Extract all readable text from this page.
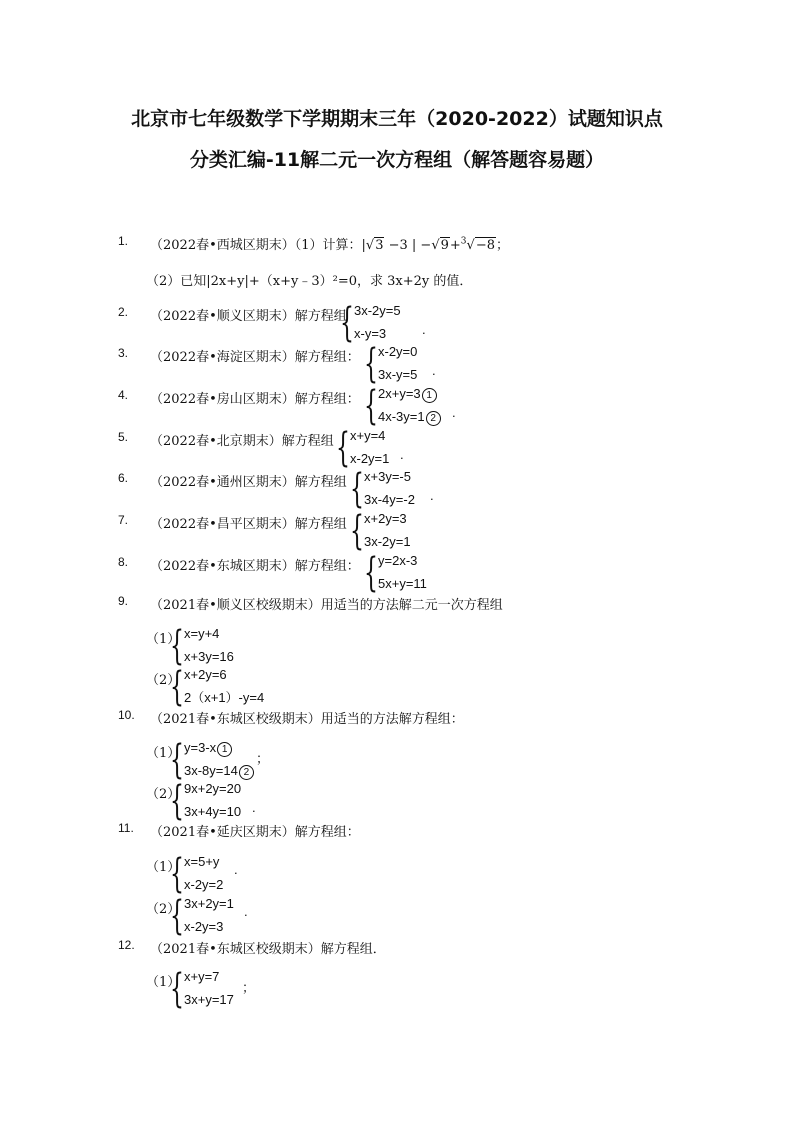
北京市七年级数学下学期期末三年（2020-2022）试题知识点
分类汇编-11解二元一次方程组（解答题容易题）
1. （2022春•西城区期末）（1）计算：|√3 −3 | −√9+$^3$√−8；
（2）已知|2x+y|+（x+y﹣3）²=0，求 3x+2y 的值．
2. （2022春•顺义区期末）解方程组
{ 3x-2y=5
x-y=3	.
3. （2022春•海淀区期末）解方程组： { x-2y=0
3x-y=5 .
4. （2022春•房山区期末）解方程组： { 2x+y=3 1
4x-3y=1 2	.
5. （2022春•北京期末）解方程组 { x+y=4
x-2y=1 .
6. （2022春•通州区期末）解方程组 { x+3y=-5
3x-4y=-2 .
7. （2022春•昌平区期末）解方程组 { x+2y=3
3x-2y=1
8. （2022春•东城区期末）解方程组： { y=2x-3
5x+y=11
9. （2021春•顺义区校级期末）用适当的方法解二元一次方程组
（1）
{ x=y+4
x+3y=16
（2）
{ x+2y=6
2（x+1）-y=4
10. （2021春•东城区校级期末）用适当的方法解方程组：
（1）
{ y=3-x 1
3x-8y=14 2
；
（2）
{ 9x+2y=20
3x+4y=10 .
11. （2021春•延庆区期末）解方程组：
（1）
{ x=5+y
x-2y=2
.
（2）
{ 3x+2y=1
x-2y=3
.
12. （2021春•东城区校级期末）解方程组．
（1）
{ x+y=7
3x+y=17
；
